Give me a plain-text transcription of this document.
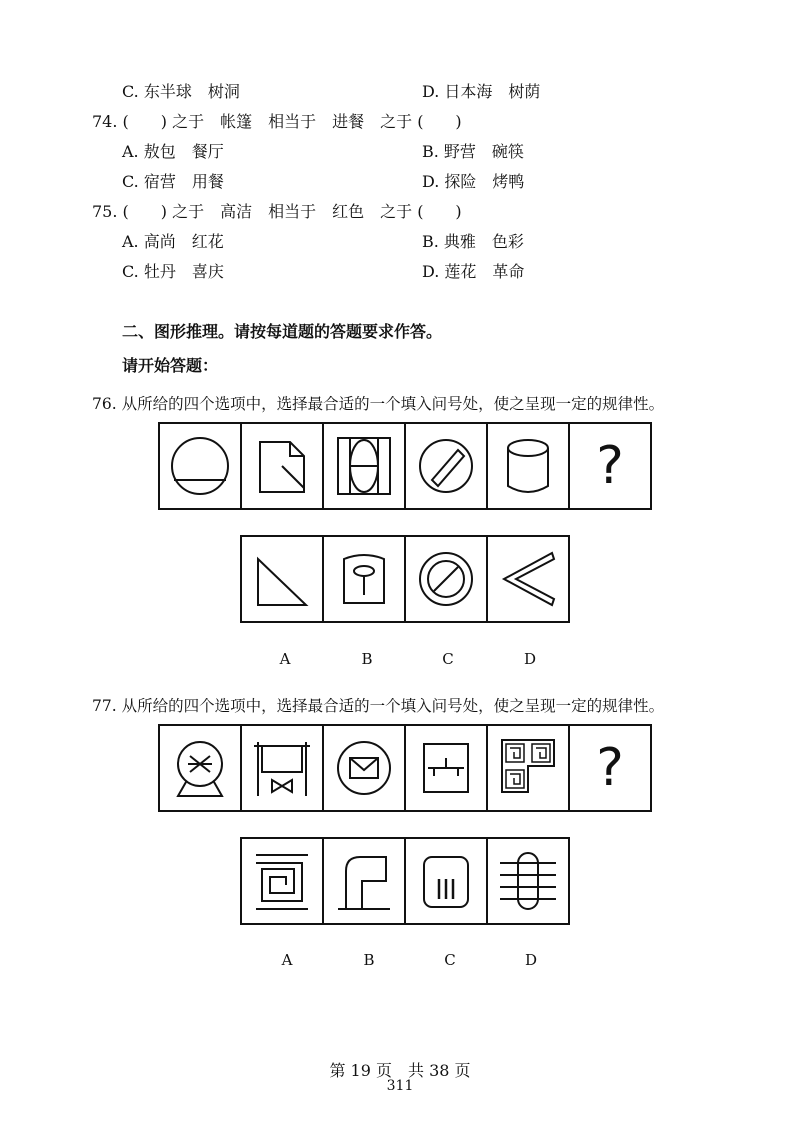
C. 东半球　树洞	D. 日本海　树荫
74. (　　) 之于　帐篷　相当于　进餐　之于 (　　)
A. 敖包　餐厅	B. 野营　碗筷
C. 宿营　用餐	D. 探险　烤鸭
75. (　　) 之于　高洁　相当于　红色　之于 (　　)
A. 高尚　红花	B. 典雅　色彩
C. 牡丹　喜庆	D. 莲花　革命
二、图形推理。请按每道题的答题要求作答。
请开始答题：
76. 从所给的四个选项中，选择最合适的一个填入问号处，使之呈现一定的规律性。
?
A	B	C	D
77. 从所给的四个选项中，选择最合适的一个填入问号处，使之呈现一定的规律性。
?
A	B	C	D
第 19 页　共 38 页
311
